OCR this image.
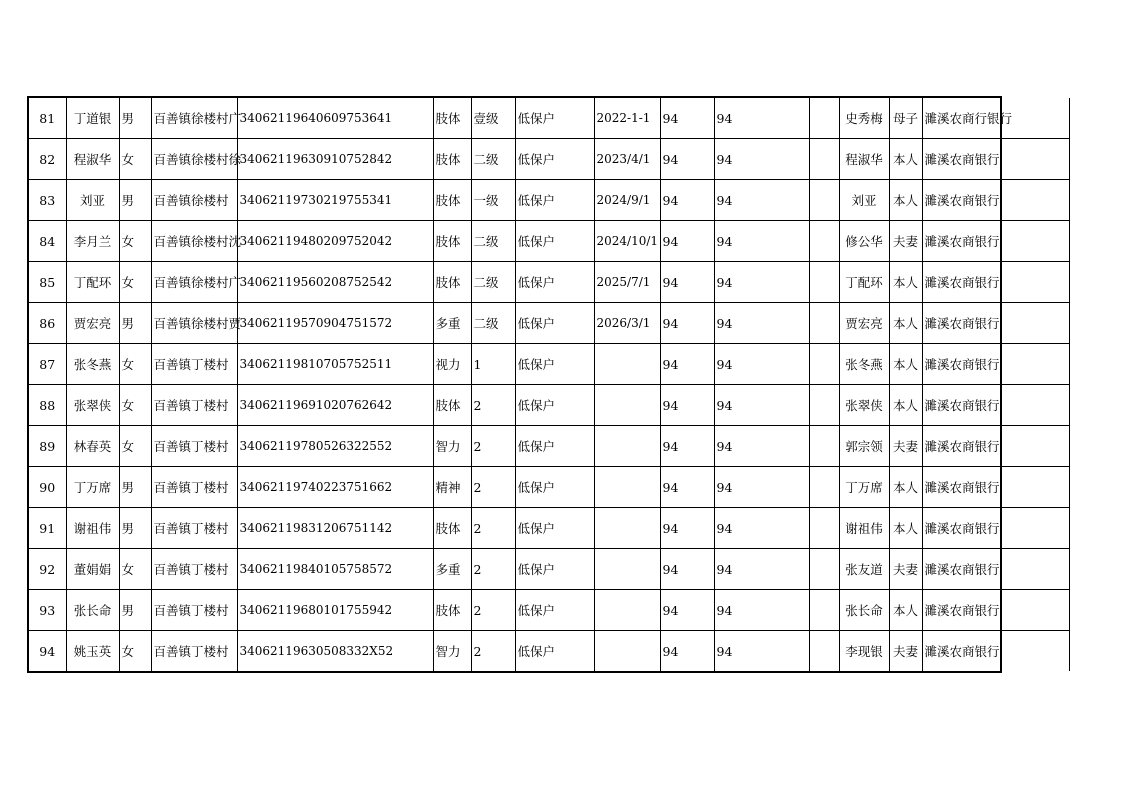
81	丁道银	男	百善镇徐楼村广	34062119640609753641	肢体	壹级	低保户	2022-1-1	94	94		史秀梅	母子	濉溪农商行银行
82	程淑华	女	百善镇徐楼村徐	34062119630910752842	肢体	二级	低保户	2023/4/1	94	94		程淑华	本人	濉溪农商银行
83	刘亚	男	百善镇徐楼村	34062119730219755341	肢体	一级	低保户	2024/9/1	94	94		刘亚	本人	濉溪农商银行
84	李月兰	女	百善镇徐楼村沈	34062119480209752042	肢体	二级	低保户	2024/10/1	94	94		修公华	夫妻	濉溪农商银行
85	丁配环	女	百善镇徐楼村广	34062119560208752542	肢体	二级	低保户	2025/7/1	94	94		丁配环	本人	濉溪农商银行
86	贾宏亮	男	百善镇徐楼村贾	34062119570904751572	多重	二级	低保户	2026/3/1	94	94		贾宏亮	本人	濉溪农商银行
87	张冬燕	女	百善镇丁楼村	34062119810705752511	视力	1	低保户		94	94		张冬燕	本人	濉溪农商银行
88	张翠侠	女	百善镇丁楼村	34062119691020762642	肢体	2	低保户		94	94		张翠侠	本人	濉溪农商银行
89	林春英	女	百善镇丁楼村	34062119780526322552	智力	2	低保户		94	94		郭宗领	夫妻	濉溪农商银行
90	丁万席	男	百善镇丁楼村	34062119740223751662	精神	2	低保户		94	94		丁万席	本人	濉溪农商银行
91	谢祖伟	男	百善镇丁楼村	34062119831206751142	肢体	2	低保户		94	94		谢祖伟	本人	濉溪农商银行
92	董娟娟	女	百善镇丁楼村	34062119840105758572	多重	2	低保户		94	94		张友道	夫妻	濉溪农商银行
93	张长命	男	百善镇丁楼村	34062119680101755942	肢体	2	低保户		94	94		张长命	本人	濉溪农商银行
94	姚玉英	女	百善镇丁楼村	34062119630508332X52	智力	2	低保户		94	94		李现银	夫妻	濉溪农商银行
